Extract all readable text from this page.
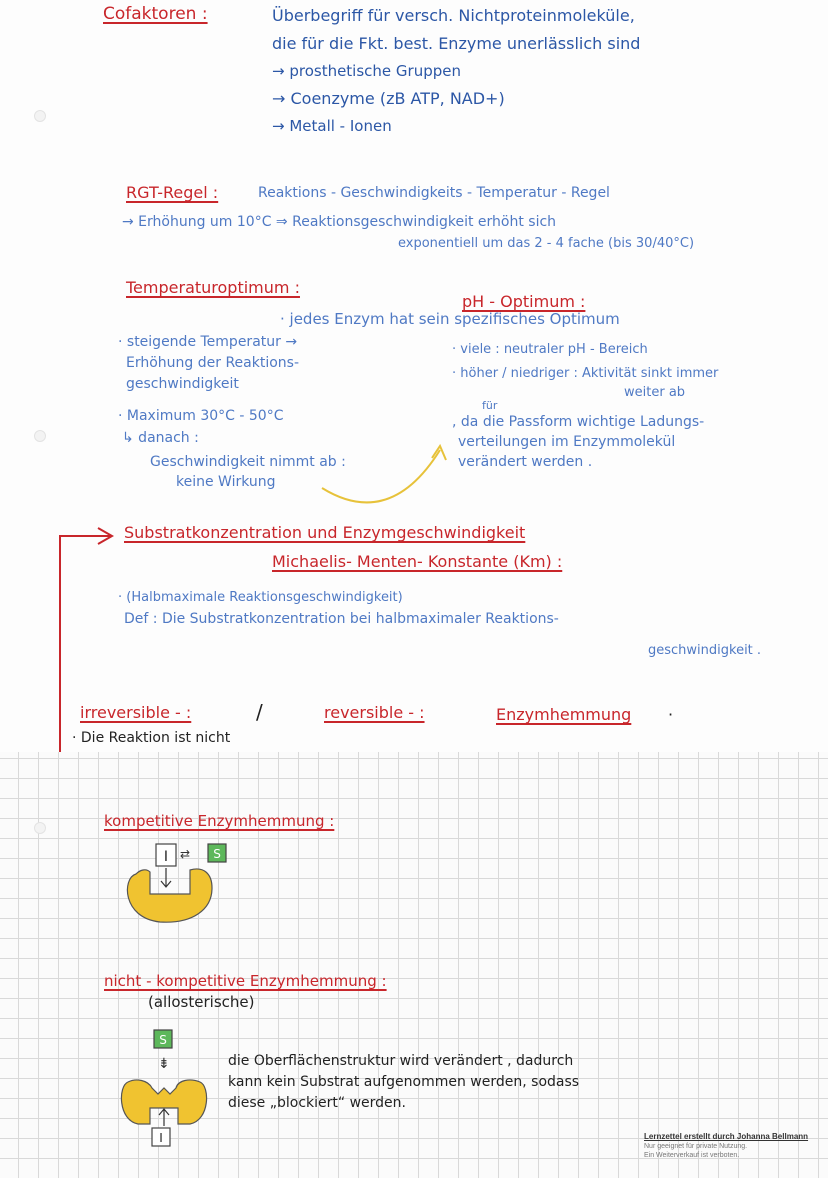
Cofaktoren :	Überbegriff für versch. Nichtproteinmoleküle,
die für die Fkt. best. Enzyme unerlässlich sind
→ prosthetische Gruppen
→ Coenzyme (zB ATP, NAD+)
→ Metall - Ionen
RGT-Regel :	Reaktions - Geschwindigkeits - Temperatur - Regel
→ Erhöhung um 10°C ⇒ Reaktionsgeschwindigkeit erhöht sich
exponentiell um das 2 - 4 fache (bis 30/40°C)
Temperaturoptimum :
pH - Optimum :
· jedes Enzym hat sein spezifisches Optimum
· steigende Temperatur →
Erhöhung der Reaktions-
geschwindigkeit
· Maximum 30°C - 50°C
↳ danach :
Geschwindigkeit nimmt ab :
keine Wirkung
· viele : neutraler pH - Bereich
· höher / niedriger : Aktivität sinkt immer
weiter ab
für
, da die Passform wichtige Ladungs-
verteilungen im Enzymmolekül
verändert werden .
Substratkonzentration und Enzymgeschwindigkeit
Michaelis- Menten- Konstante (Km) :
· (Halbmaximale Reaktionsgeschwindigkeit)
Def : Die Substratkonzentration bei halbmaximaler Reaktions-
geschwindigkeit .
irreversible - :	/	reversible - :	Enzymhemmung ·
· Die Reaktion ist nicht
kompetitive Enzymhemmung :
I ⇄ S
nicht - kompetitive Enzymhemmung :
(allosterische)
S
⇟
I
die Oberflächenstruktur wird verändert , dadurch
kann kein Substrat aufgenommen werden, sodass
diese „blockiert“ werden.
Lernzettel erstellt durch Johanna Bellmann
Nur geeignet für private Nutzung.
Ein Weiterverkauf ist verboten.
